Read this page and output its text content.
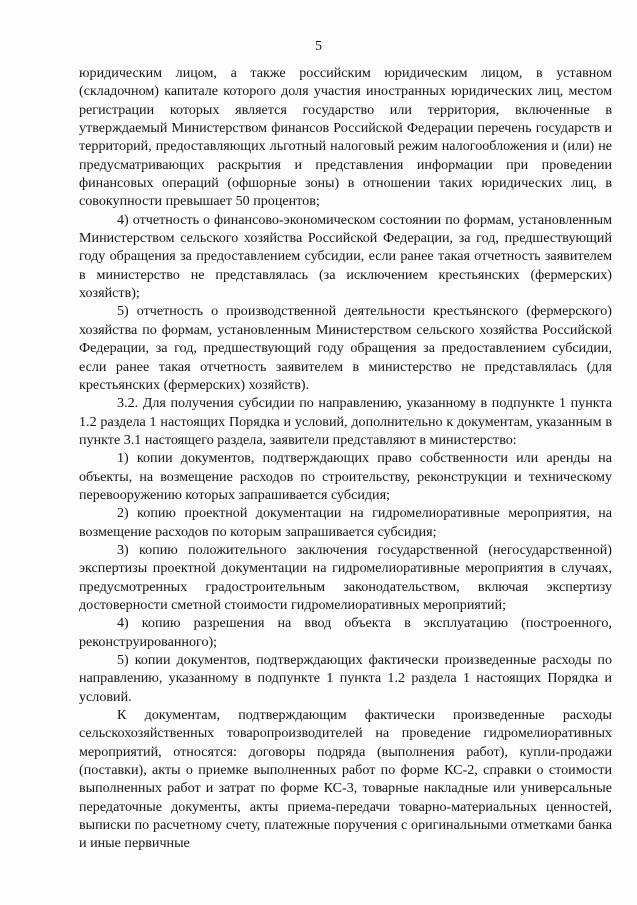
5

юридическим лицом, а также российским юридическим лицом, в уставном (складочном) капитале которого доля участия иностранных юридических лиц, местом регистрации которых является государство или территория, включенные в утверждаемый Министерством финансов Российской Федерации перечень государств и территорий, предоставляющих льготный налоговый режим налогообложения и (или) не предусматривающих раскрытия и представления информации при проведении финансовых операций (офшорные зоны) в отношении таких юридических лиц, в совокупности превышает 50 процентов;

4) отчетность о финансово-экономическом состоянии по формам, установленным Министерством сельского хозяйства Российской Федерации, за год, предшествующий году обращения за предоставлением субсидии, если ранее такая отчетность заявителем в министерство не представлялась (за исключением крестьянских (фермерских) хозяйств);

5) отчетность о производственной деятельности крестьянского (фермерского) хозяйства по формам, установленным Министерством сельского хозяйства Российской Федерации, за год, предшествующий году обращения за предоставлением субсидии, если ранее такая отчетность заявителем в министерство не представлялась (для крестьянских (фермерских) хозяйств).

3.2. Для получения субсидии по направлению, указанному в подпункте 1 пункта 1.2 раздела 1 настоящих Порядка и условий, дополнительно к документам, указанным в пункте 3.1 настоящего раздела, заявители представляют в министерство:

1) копии документов, подтверждающих право собственности или аренды на объекты, на возмещение расходов по строительству, реконструкции и техническому перевооружению которых запрашивается субсидия;

2) копию проектной документации на гидромелиоративные мероприятия, на возмещение расходов по которым запрашивается субсидия;

3) копию положительного заключения государственной (негосударственной) экспертизы проектной документации на гидромелиоративные мероприятия в случаях, предусмотренных градостроительным законодательством, включая экспертизу достоверности сметной стоимости гидромелиоративных мероприятий;

4) копию разрешения на ввод объекта в эксплуатацию (построенного, реконструированного);

5) копии документов, подтверждающих фактически произведенные расходы по направлению, указанному в подпункте 1 пункта 1.2 раздела 1 настоящих Порядка и условий.

К документам, подтверждающим фактически произведенные расходы сельскохозяйственных товаропроизводителей на проведение гидромелиоративных мероприятий, относятся: договоры подряда (выполнения работ), купли-продажи (поставки), акты о приемке выполненных работ по форме КС-2, справки о стоимости выполненных работ и затрат по форме КС-3, товарные накладные или универсальные передаточные документы, акты приема-передачи товарно-материальных ценностей, выписки по расчетному счету, платежные поручения с оригинальными отметками банка и иные первичные
